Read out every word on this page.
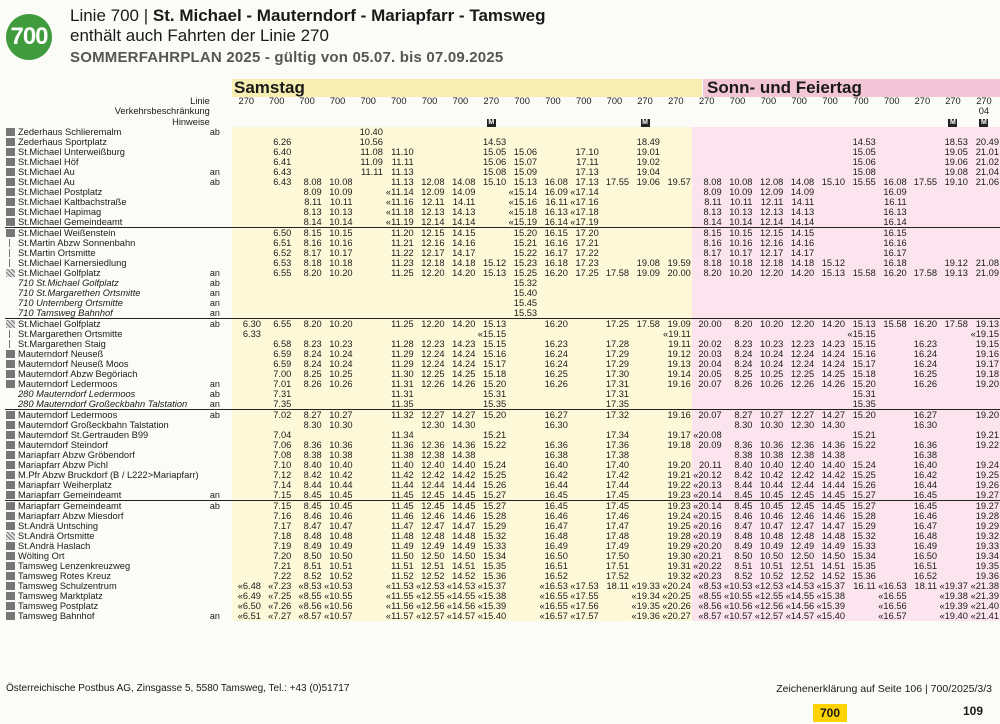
700
Linie 700 | St. Michael - Mauterndorf - Mariapfarr - Tamsweg
enthält auch Fahrten der Linie 270
SOMMERFAHRPLAN 2025 - gültig von 05.07. bis 07.09.2025
Samstag	Sonn- und Feiertag
Linie		270	700	700	700	700	700	700	700	270	700	700	700	700	270	270	270	700	700	700	700	700	700	270	270	270
Verkehrsbeschränkung																										04
Hinweise										M					M										M	M
Zederhaus Schlieremalm	ab					10.40																				
Zederhaus Sportplatz			6.26			10.56				14.53					18.49							14.53			18.53	20.49
St.Michael Unterweißburg			6.40			11.08	11.10			15.05	15.06		17.10		19.01							15.05			19.05	21.01
St.Michael Höf			6.41			11.09	11.11			15.06	15.07		17.11		19.02							15.06			19.06	21.02
St.Michael Au	an		6.43			11.11	11.13			15.08	15.09		17.13		19.04							15.08			19.08	21.04
St.Michael Au	ab		6.43	8.08	10.08		11.13	12.08	14.08	15.10	15.13	16.08	17.13	17.55	19.06	19.57	8.08	10.08	12.08	14.08	15.10	15.55	16.08	17.55	19.10	21.06
St.Michael Postplatz				8.09	10.09		«11.14	12.09	14.09		«15.14	16.09	«17.14				8.09	10.09	12.09	14.09			16.09			
St.Michael Kaltbachstraße				8.11	10.11		«11.16	12.11	14.11		«15.16	16.11	«17.16				8.11	10.11	12.11	14.11			16.11			
St.Michael Hapimag				8.13	10.13		«11.18	12.13	14.13		«15.18	16.13	«17.18				8.13	10.13	12.13	14.13			16.13			
St.Michael Gemeindeamt				8.14	10.14		«11.19	12.14	14.14		«15.19	16.14	«17.19				8.14	10.14	12.14	14.14			16.14			
St.Michael Weißenstein			6.50	8.15	10.15		11.20	12.15	14.15		15.20	16.15	17.20				8.15	10.15	12.15	14.15			16.15			
St.Martin Abzw Sonnenbahn			6.51	8.16	10.16		11.21	12.16	14.16		15.21	16.16	17.21				8.16	10.16	12.16	14.16			16.16			
St.Martin Ortsmitte			6.52	8.17	10.17		11.22	12.17	14.17		15.22	16.17	17.22				8.17	10.17	12.17	14.17			16.17			
St.Michael Karnersiedlung			6.53	8.18	10.18		11.23	12.18	14.18	15.12	15.23	16.18	17.23		19.08	19.59	8.18	10.18	12.18	14.18	15.12		16.18		19.12	21.08
St.Michael Golfplatz	an		6.55	8.20	10.20		11.25	12.20	14.20	15.13	15.25	16.20	17.25	17.58	19.09	20.00	8.20	10.20	12.20	14.20	15.13	15.58	16.20	17.58	19.13	21.09
710 St.Michael Golfplatz	ab										15.32															
710 St.Margarethen Ortsmitte	an										15.40															
710 Unternberg Ortsmitte	an										15.45															
710 Tamsweg Bahnhof	an										15.53															
St.Michael Golfplatz	ab	6.30	6.55	8.20	10.20		11.25	12.20	14.20	15.13		16.20		17.25	17.58	19.09	20.00	8.20	10.20	12.20	14.20	15.13	15.58	16.20	17.58	19.13
St.Margarethen Ortsmitte		6.33								«15.15						«19.11						«15.15				«19.15
St.Margarethen Staig			6.58	8.23	10.23		11.28	12.23	14.23	15.15		16.23		17.28		19.11	20.02	8.23	10.23	12.23	14.23	15.15		16.23		19.15
Mauterndorf Neuseß			6.59	8.24	10.24		11.29	12.24	14.24	15.16		16.24		17.29		19.12	20.03	8.24	10.24	12.24	14.24	15.16		16.24		19.16
Mauterndorf Neuseß Moos			6.59	8.24	10.24		11.29	12.24	14.24	15.17		16.24		17.29		19.13	20.04	8.24	10.24	12.24	14.24	15.17		16.24		19.17
Mauterndorf Abzw Begöriach			7.00	8.25	10.25		11.30	12.25	14.25	15.18		16.25		17.30		19.14	20.05	8.25	10.25	12.25	14.25	15.18		16.25		19.18
Mauterndorf Ledermoos	an		7.01	8.26	10.26		11.31	12.26	14.26	15.20		16.26		17.31		19.16	20.07	8.26	10.26	12.26	14.26	15.20		16.26		19.20
280 Mauterndorf Ledermoos	ab		7.31				11.31			15.31				17.31								15.31				
280 Mauterndorf Großeckbahn Talstation	an		7.35				11.35			15.35				17.35								15.35				
Mauterndorf Ledermoos	ab		7.02	8.27	10.27		11.32	12.27	14.27	15.20		16.27		17.32		19.16	20.07	8.27	10.27	12.27	14.27	15.20		16.27		19.20
Mauterndorf Großeckbahn Talstation				8.30	10.30			12.30	14.30			16.30						8.30	10.30	12.30	14.30			16.30		
Mauterndorf St.Gertrauden B99			7.04				11.34			15.21				17.34		19.17	«20.08					15.21				19.21
Mauterndorf Steindorf			7.06	8.36	10.36		11.36	12.36	14.36	15.22		16.36		17.36		19.18	20.09	8.36	10.36	12.36	14.36	15.22		16.36		19.22
Mariapfarr Abzw Gröbendorf			7.08	8.38	10.38		11.38	12.38	14.38			16.38		17.38				8.38	10.38	12.38	14.38			16.38		
Mariapfarr Abzw Pichl			7.10	8.40	10.40		11.40	12.40	14.40	15.24		16.40		17.40		19.20	20.11	8.40	10.40	12.40	14.40	15.24		16.40		19.24
M.Pfr Abzw Bruckdorf (B / L222>Mariapfarr)			7.12	8.42	10.42		11.42	12.42	14.42	15.25		16.42		17.42		19.21	«20.12	8.42	10.42	12.42	14.42	15.25		16.42		19.25
Mariapfarr Weiherplatz			7.14	8.44	10.44		11.44	12.44	14.44	15.26		16.44		17.44		19.22	«20.13	8.44	10.44	12.44	14.44	15.26		16.44		19.26
Mariapfarr Gemeindeamt	an		7.15	8.45	10.45		11.45	12.45	14.45	15.27		16.45		17.45		19.23	«20.14	8.45	10.45	12.45	14.45	15.27		16.45		19.27
Mariapfarr Gemeindeamt	ab		7.15	8.45	10.45		11.45	12.45	14.45	15.27		16.45		17.45		19.23	«20.14	8.45	10.45	12.45	14.45	15.27		16.45		19.27
Mariapfarr Abzw Miesdorf			7.16	8.46	10.46		11.46	12.46	14.46	15.28		16.46		17.46		19.24	«20.15	8.46	10.46	12.46	14.46	15.28		16.46		19.28
St.Andrä Untsching			7.17	8.47	10.47		11.47	12.47	14.47	15.29		16.47		17.47		19.25	«20.16	8.47	10.47	12.47	14.47	15.29		16.47		19.29
St.Andrä Ortsmitte			7.18	8.48	10.48		11.48	12.48	14.48	15.32		16.48		17.48		19.28	«20.19	8.48	10.48	12.48	14.48	15.32		16.48		19.32
St.Andrä Haslach			7.19	8.49	10.49		11.49	12.49	14.49	15.33		16.49		17.49		19.29	«20.20	8.49	10.49	12.49	14.49	15.33		16.49		19.33
Wölting Ort			7.20	8.50	10.50		11.50	12.50	14.50	15.34		16.50		17.50		19.30	«20.21	8.50	10.50	12.50	14.50	15.34		16.50		19.34
Tamsweg Lenzenkreuzweg			7.21	8.51	10.51		11.51	12.51	14.51	15.35		16.51		17.51		19.31	«20.22	8.51	10.51	12.51	14.51	15.35		16.51		19.35
Tamsweg Rotes Kreuz			7.22	8.52	10.52		11.52	12.52	14.52	15.36		16.52		17.52		19.32	«20.23	8.52	10.52	12.52	14.52	15.36		16.52		19.36
Tamsweg Schulzentrum		«6.48	«7.23	«8.53	«10.53		«11.53	«12.53	«14.53	«15.37		«16.53	«17.53	18.11	«19.33	«20.24	«8.53	«10.53	«12.53	«14.53	«15.37	16.11	«16.53	18.11	«19.37	«21.38
Tamsweg Marktplatz		«6.49	«7.25	«8.55	«10.55		«11.55	«12.55	«14.55	«15.38		«16.55	«17.55		«19.34	«20.25	«8.55	«10.55	«12.55	«14.55	«15.38		«16.55		«19.38	«21.39
Tamsweg Postplatz		«6.50	«7.26	«8.56	«10.56		«11.56	«12.56	«14.56	«15.39		«16.55	«17.56		«19.35	«20.26	«8.56	«10.56	«12.56	«14.56	«15.39		«16.56		«19.39	«21.40
Tamsweg Bahnhof	an	«6.51	«7.27	«8.57	«10.57		«11.57	«12.57	«14.57	«15.40		«16.57	«17.57		«19.36	«20.27	«8.57	«10.57	«12.57	«14.57	«15.40		«16.57		«19.40	«21.41
Österreichische Postbus AG, Zinsgasse 5, 5580 Tamsweg, Tel.: +43 (0)51717	Zeichenerklärung auf Seite 106 | 700/2025/3/3
700	109
